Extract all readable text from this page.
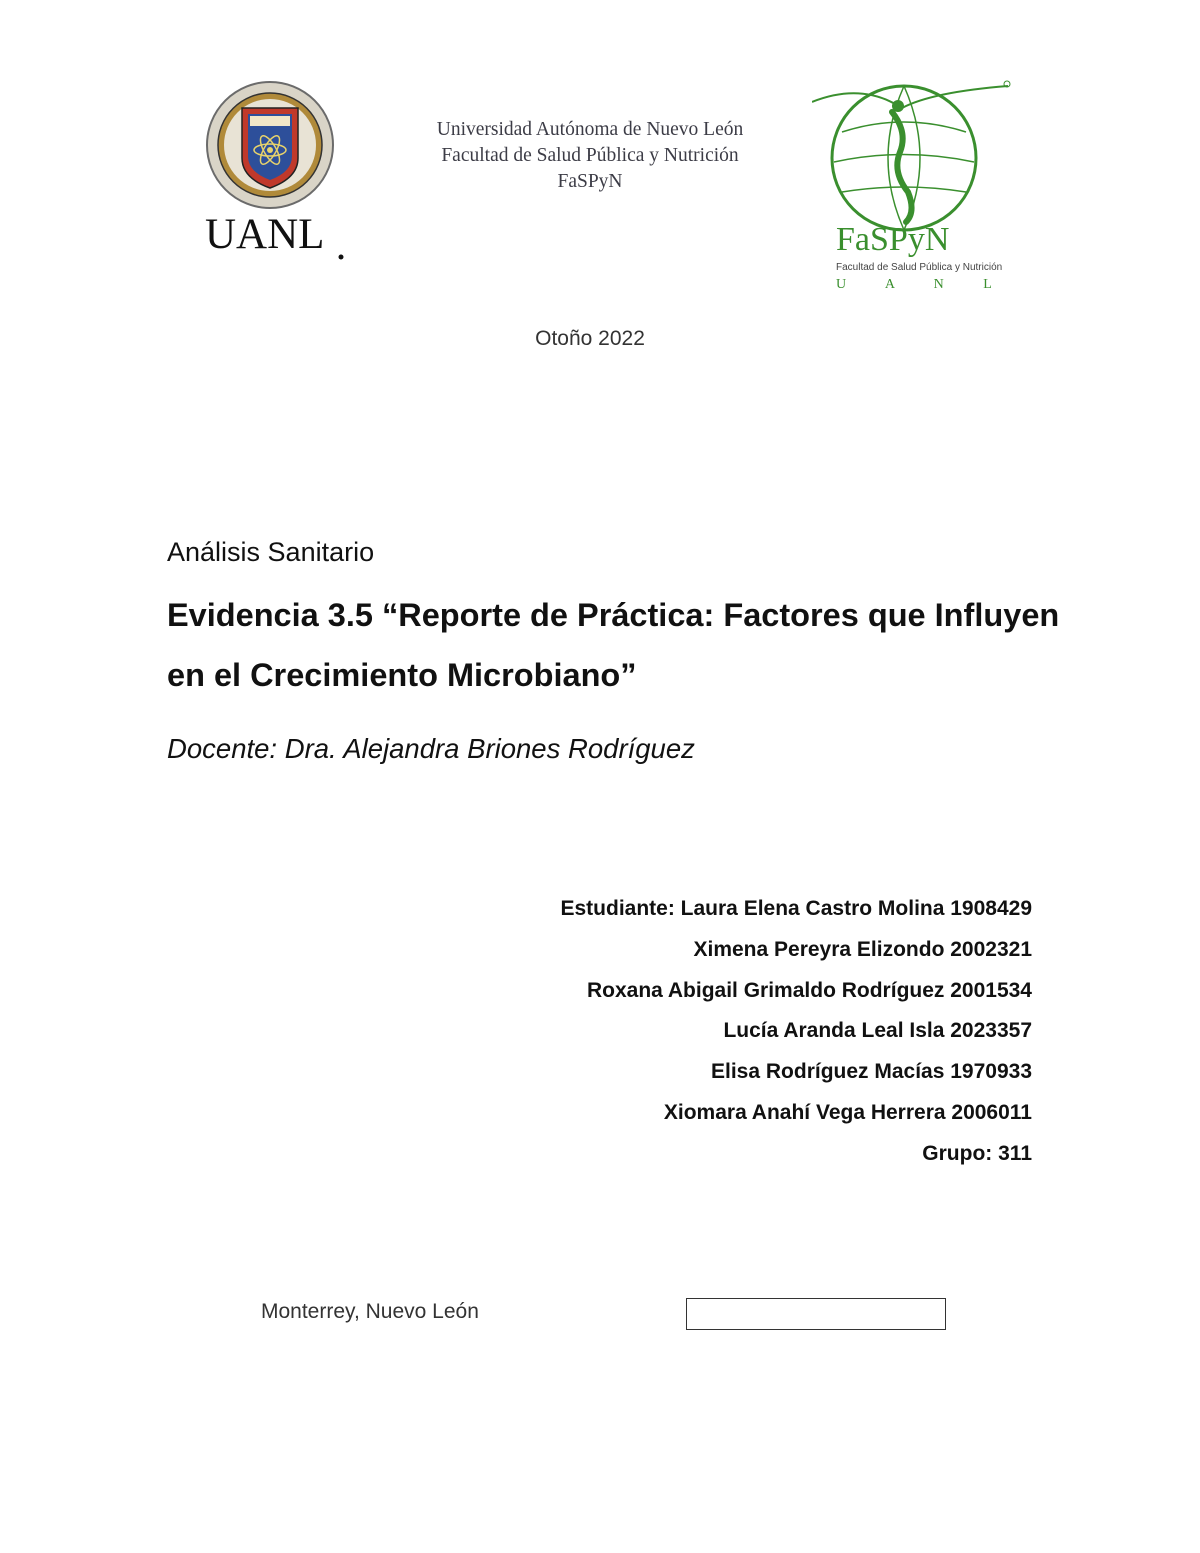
UANL
Universidad Autónoma de Nuevo León
Facultad de Salud Pública y Nutrición
FaSPyN
FaSPyN
Facultad de Salud Pública y Nutrición
U A N L
Otoño 2022
Análisis Sanitario
Evidencia 3.5 “Reporte de Práctica: Factores que Influyen en el Crecimiento Microbiano”
Docente: Dra. Alejandra Briones Rodríguez
Estudiante: Laura Elena Castro Molina 1908429
Ximena Pereyra Elizondo 2002321
Roxana Abigail Grimaldo Rodríguez 2001534
Lucía Aranda Leal Isla 2023357
Elisa Rodríguez Macías 1970933
Xiomara Anahí Vega Herrera 2006011
Grupo: 311
Monterrey, Nuevo León
